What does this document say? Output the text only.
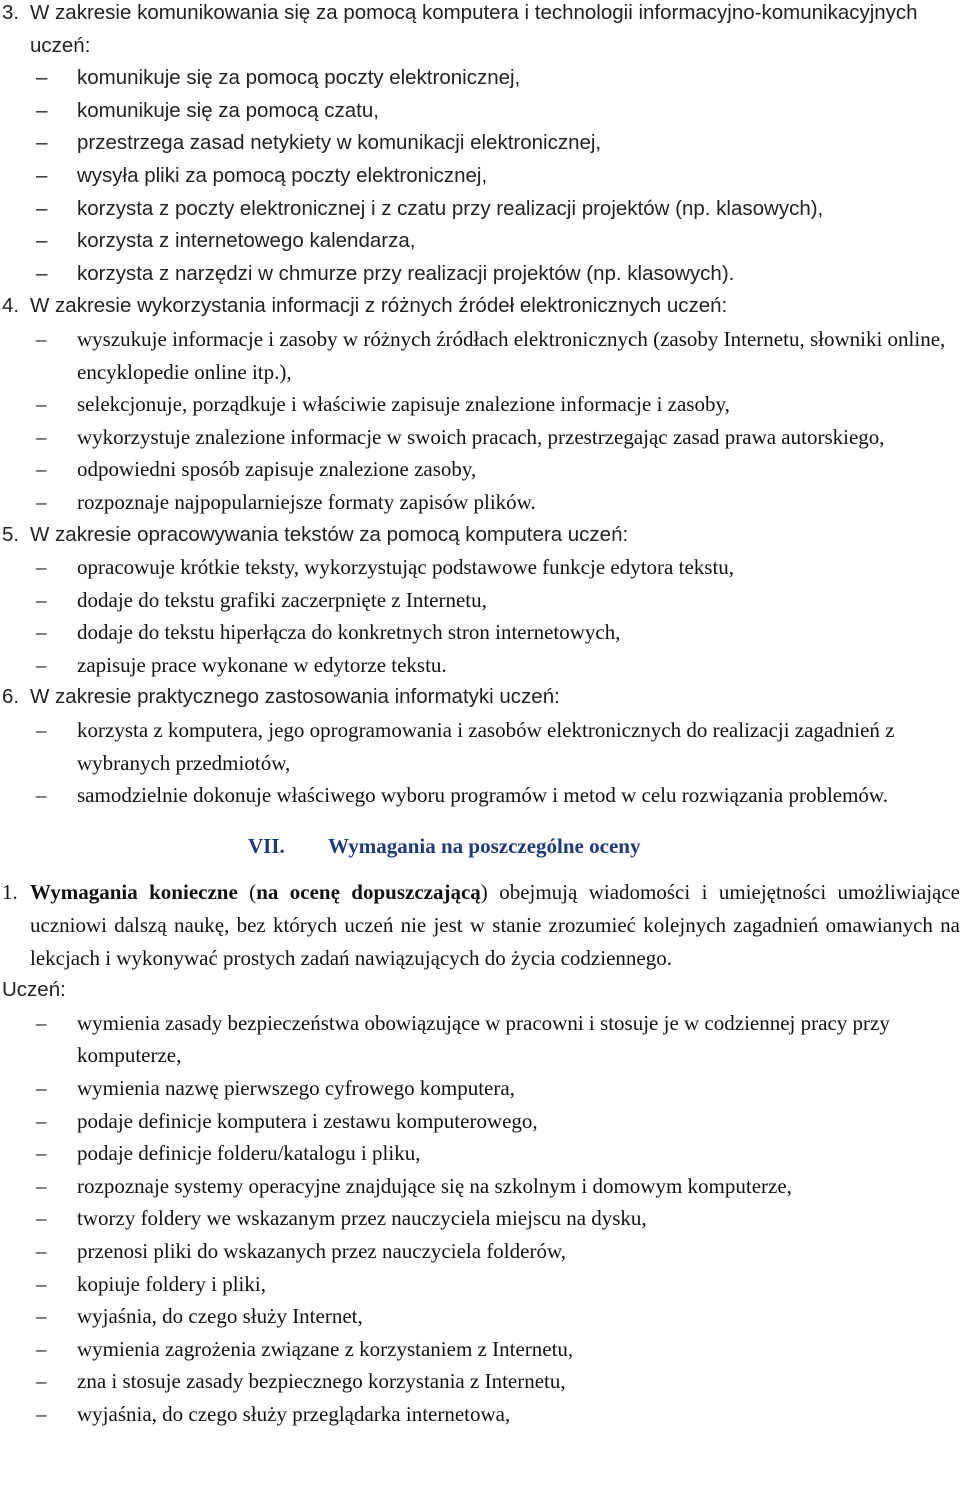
3. W zakresie komunikowania się za pomocą komputera i technologii informacyjno-komunikacyjnych uczeń:
– komunikuje się za pomocą poczty elektronicznej,
– komunikuje się za pomocą czatu,
– przestrzega zasad netykiety w komunikacji elektronicznej,
– wysyła pliki za pomocą poczty elektronicznej,
– korzysta z poczty elektronicznej i z czatu przy realizacji projektów (np. klasowych),
– korzysta z internetowego kalendarza,
– korzysta z narzędzi w chmurze przy realizacji projektów (np. klasowych).
4. W zakresie wykorzystania informacji z różnych źródeł elektronicznych uczeń:
– wyszukuje informacje i zasoby w różnych źródłach elektronicznych (zasoby Internetu, słowniki online, encyklopedie online itp.),
– selekcjonuje, porządkuje i właściwie zapisuje znalezione informacje i zasoby,
– wykorzystuje znalezione informacje w swoich pracach, przestrzegając zasad prawa autorskiego,
– odpowiedni sposób zapisuje znalezione zasoby,
– rozpoznaje najpopularniejsze formaty zapisów plików.
5. W zakresie opracowywania tekstów za pomocą komputera uczeń:
– opracowuje krótkie teksty, wykorzystując podstawowe funkcje edytora tekstu,
– dodaje do tekstu grafiki zaczerpnięte z Internetu,
– dodaje do tekstu hiperłącza do konkretnych stron internetowych,
– zapisuje prace wykonane w edytorze tekstu.
6. W zakresie praktycznego zastosowania informatyki uczeń:
– korzysta z komputera, jego oprogramowania i zasobów elektronicznych do realizacji zagadnień z wybranych przedmiotów,
– samodzielnie dokonuje właściwego wyboru programów i metod w celu rozwiązania problemów.
VII. Wymagania na poszczególne oceny
1. Wymagania konieczne (na ocenę dopuszczającą) obejmują wiadomości i umiejętności umożliwiające uczniowi dalszą naukę, bez których uczeń nie jest w stanie zrozumieć kolejnych zagadnień omawianych na lekcjach i wykonywać prostych zadań nawiązujących do życia codziennego.
Uczeń:
– wymienia zasady bezpieczeństwa obowiązujące w pracowni i stosuje je w codziennej pracy przy komputerze,
– wymienia nazwę pierwszego cyfrowego komputera,
– podaje definicje komputera i zestawu komputerowego,
– podaje definicje folderu/katalogu i pliku,
– rozpoznaje systemy operacyjne znajdujące się na szkolnym i domowym komputerze,
– tworzy foldery we wskazanym przez nauczyciela miejscu na dysku,
– przenosi pliki do wskazanych przez nauczyciela folderów,
– kopiuje foldery i pliki,
– wyjaśnia, do czego służy Internet,
– wymienia zagrożenia związane z korzystaniem z Internetu,
– zna i stosuje zasady bezpiecznego korzystania z Internetu,
– wyjaśnia, do czego służy przeglądarka internetowa,
